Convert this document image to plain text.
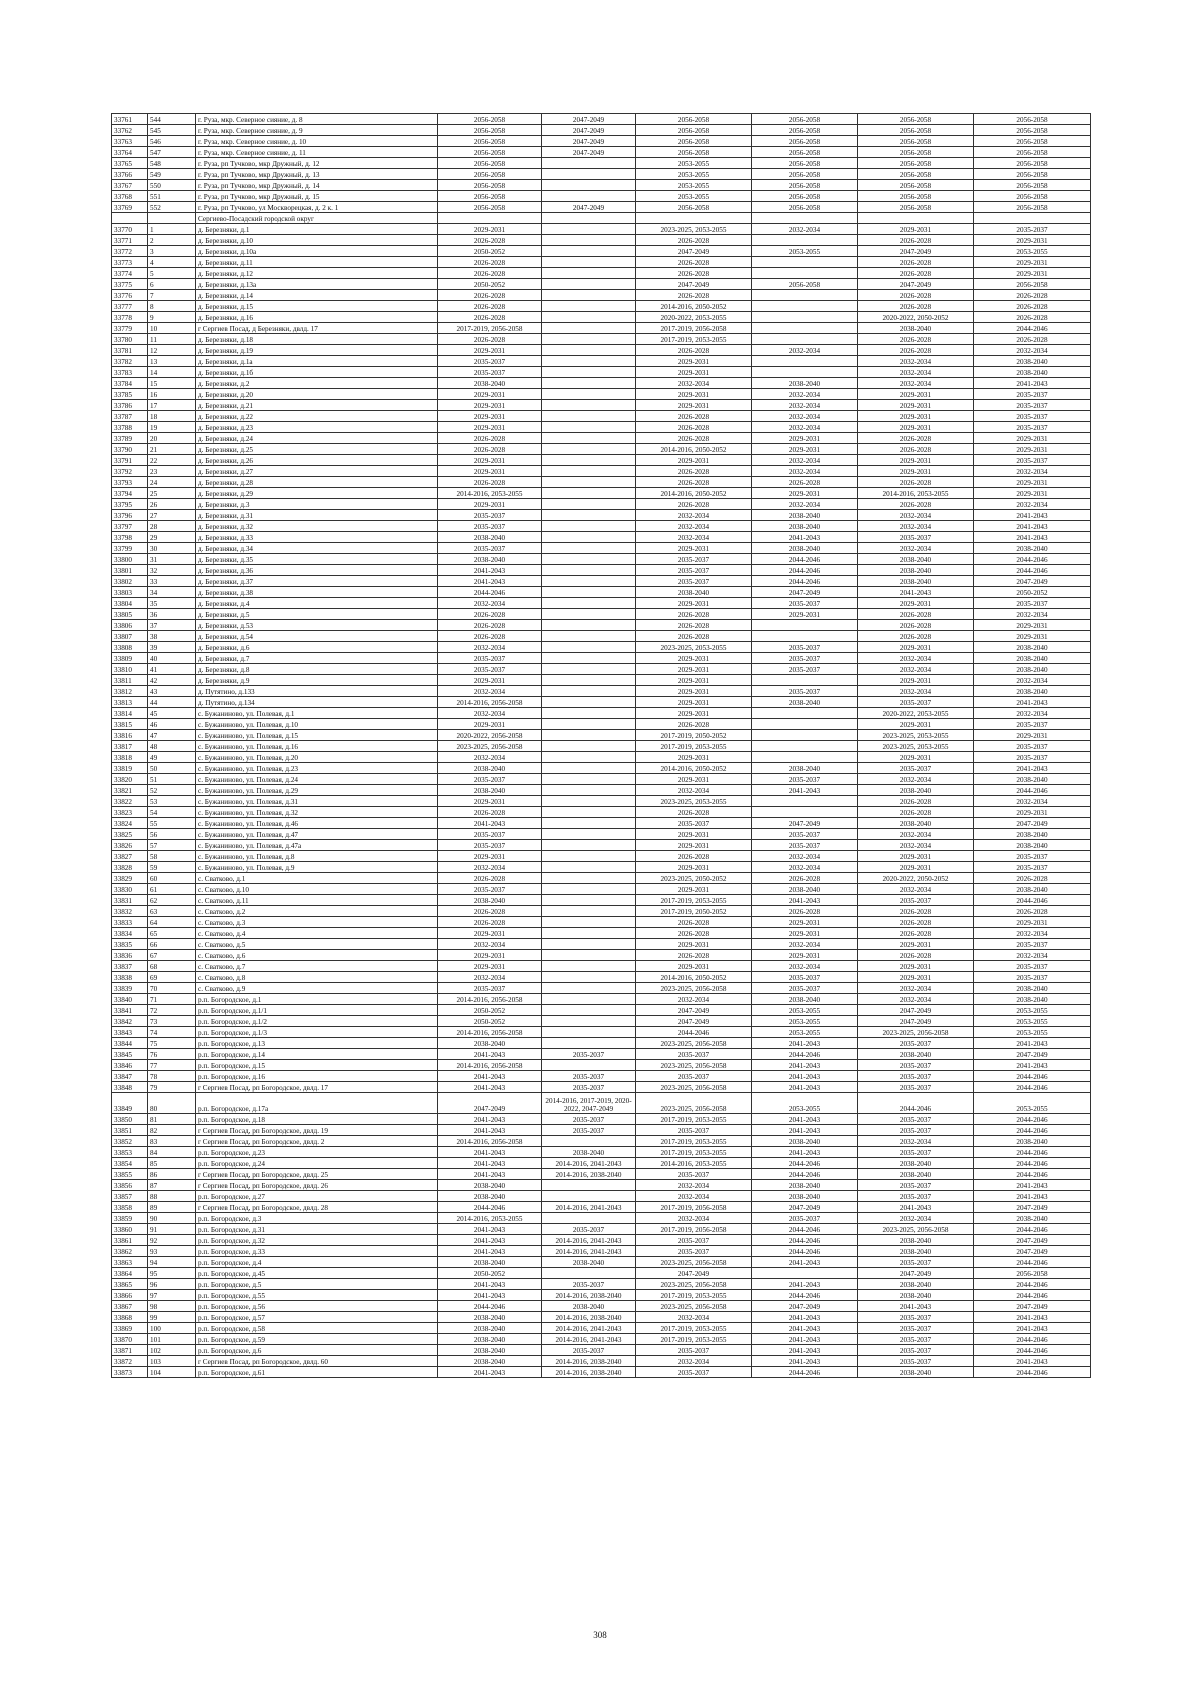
33761	544	г. Руза, мкр. Северное сияние, д. 8	2056-2058	2047-2049	2056-2058	2056-2058	2056-2058	2056-2058
33762	545	г. Руза, мкр. Северное сияние, д. 9	2056-2058	2047-2049	2056-2058	2056-2058	2056-2058	2056-2058
33763	546	г. Руза, мкр. Северное сияние, д. 10	2056-2058	2047-2049	2056-2058	2056-2058	2056-2058	2056-2058
33764	547	г. Руза, мкр. Северное сияние, д. 11	2056-2058	2047-2049	2056-2058	2056-2058	2056-2058	2056-2058
33765	548	г. Руза, рп Тучково, мкр Дружный, д. 12	2056-2058		2053-2055	2056-2058	2056-2058	2056-2058
33766	549	г. Руза, рп Тучково, мкр Дружный, д. 13	2056-2058		2053-2055	2056-2058	2056-2058	2056-2058
33767	550	г. Руза, рп Тучково, мкр Дружный, д. 14	2056-2058		2053-2055	2056-2058	2056-2058	2056-2058
33768	551	г. Руза, рп Тучково, мкр Дружный, д. 15	2056-2058		2053-2055	2056-2058	2056-2058	2056-2058
33769	552	г. Руза, рп Тучково, ул Москворецкая, д. 2 к. 1	2056-2058	2047-2049	2056-2058	2056-2058	2056-2058	2056-2058
		Сергиево-Посадский городской округ						
33770	1	д. Березняки, д.1	2029-2031		2023-2025, 2053-2055	2032-2034	2029-2031	2035-2037
33771	2	д. Березняки, д.10	2026-2028		2026-2028		2026-2028	2029-2031
33772	3	д. Березняки, д.10а	2050-2052		2047-2049	2053-2055	2047-2049	2053-2055
33773	4	д. Березняки, д.11	2026-2028		2026-2028		2026-2028	2029-2031
33774	5	д. Березняки, д.12	2026-2028		2026-2028		2026-2028	2029-2031
33775	6	д. Березняки, д.13а	2050-2052		2047-2049	2056-2058	2047-2049	2056-2058
33776	7	д. Березняки, д.14	2026-2028		2026-2028		2026-2028	2026-2028
33777	8	д. Березняки, д.15	2026-2028		2014-2016, 2050-2052		2026-2028	2026-2028
33778	9	д. Березняки, д.16	2026-2028		2020-2022, 2053-2055		2020-2022, 2050-2052	2026-2028
33779	10	г Сергиев Посад, д Березняки, двлд. 17	2017-2019, 2056-2058		2017-2019, 2056-2058		2038-2040	2044-2046
33780	11	д. Березняки, д.18	2026-2028		2017-2019, 2053-2055		2026-2028	2026-2028
33781	12	д. Березняки, д.19	2029-2031		2026-2028	2032-2034	2026-2028	2032-2034
33782	13	д. Березняки, д.1а	2035-2037		2029-2031		2032-2034	2038-2040
33783	14	д. Березняки, д.1б	2035-2037		2029-2031		2032-2034	2038-2040
33784	15	д. Березняки, д.2	2038-2040		2032-2034	2038-2040	2032-2034	2041-2043
33785	16	д. Березняки, д.20	2029-2031		2029-2031	2032-2034	2029-2031	2035-2037
33786	17	д. Березняки, д.21	2029-2031		2029-2031	2032-2034	2029-2031	2035-2037
33787	18	д. Березняки, д.22	2029-2031		2026-2028	2032-2034	2029-2031	2035-2037
33788	19	д. Березняки, д.23	2029-2031		2026-2028	2032-2034	2029-2031	2035-2037
33789	20	д. Березняки, д.24	2026-2028		2026-2028	2029-2031	2026-2028	2029-2031
33790	21	д. Березняки, д.25	2026-2028		2014-2016, 2050-2052	2029-2031	2026-2028	2029-2031
33791	22	д. Березняки, д.26	2029-2031		2029-2031	2032-2034	2029-2031	2035-2037
33792	23	д. Березняки, д.27	2029-2031		2026-2028	2032-2034	2029-2031	2032-2034
33793	24	д. Березняки, д.28	2026-2028		2026-2028	2026-2028	2026-2028	2029-2031
33794	25	д. Березняки, д.29	2014-2016, 2053-2055		2014-2016, 2050-2052	2029-2031	2014-2016, 2053-2055	2029-2031
33795	26	д. Березняки, д.3	2029-2031		2026-2028	2032-2034	2026-2028	2032-2034
33796	27	д. Березняки, д.31	2035-2037		2032-2034	2038-2040	2032-2034	2041-2043
33797	28	д. Березняки, д.32	2035-2037		2032-2034	2038-2040	2032-2034	2041-2043
33798	29	д. Березняки, д.33	2038-2040		2032-2034	2041-2043	2035-2037	2041-2043
33799	30	д. Березняки, д.34	2035-2037		2029-2031	2038-2040	2032-2034	2038-2040
33800	31	д. Березняки, д.35	2038-2040		2035-2037	2044-2046	2038-2040	2044-2046
33801	32	д. Березняки, д.36	2041-2043		2035-2037	2044-2046	2038-2040	2044-2046
33802	33	д. Березняки, д.37	2041-2043		2035-2037	2044-2046	2038-2040	2047-2049
33803	34	д. Березняки, д.38	2044-2046		2038-2040	2047-2049	2041-2043	2050-2052
33804	35	д. Березняки, д.4	2032-2034		2029-2031	2035-2037	2029-2031	2035-2037
33805	36	д. Березняки, д.5	2026-2028		2026-2028	2029-2031	2026-2028	2032-2034
33806	37	д. Березняки, д.53	2026-2028		2026-2028		2026-2028	2029-2031
33807	38	д. Березняки, д.54	2026-2028		2026-2028		2026-2028	2029-2031
33808	39	д. Березняки, д.6	2032-2034		2023-2025, 2053-2055	2035-2037	2029-2031	2038-2040
33809	40	д. Березняки, д.7	2035-2037		2029-2031	2035-2037	2032-2034	2038-2040
33810	41	д. Березняки, д.8	2035-2037		2029-2031	2035-2037	2032-2034	2038-2040
33811	42	д. Березняки, д.9	2029-2031		2029-2031		2029-2031	2032-2034
33812	43	д. Путятино, д.133	2032-2034		2029-2031	2035-2037	2032-2034	2038-2040
33813	44	д. Путятино, д.134	2014-2016, 2056-2058		2029-2031	2038-2040	2035-2037	2041-2043
33814	45	с. Бужаниново, ул. Полевая, д.1	2032-2034		2029-2031		2020-2022, 2053-2055	2032-2034
33815	46	с. Бужаниново, ул. Полевая, д.10	2029-2031		2026-2028		2029-2031	2035-2037
33816	47	с. Бужаниново, ул. Полевая, д.15	2020-2022, 2056-2058		2017-2019, 2050-2052		2023-2025, 2053-2055	2029-2031
33817	48	с. Бужаниново, ул. Полевая, д.16	2023-2025, 2056-2058		2017-2019, 2053-2055		2023-2025, 2053-2055	2035-2037
33818	49	с. Бужаниново, ул. Полевая, д.20	2032-2034		2029-2031		2029-2031	2035-2037
33819	50	с. Бужаниново, ул. Полевая, д.23	2038-2040		2014-2016, 2050-2052	2038-2040	2035-2037	2041-2043
33820	51	с. Бужаниново, ул. Полевая, д.24	2035-2037		2029-2031	2035-2037	2032-2034	2038-2040
33821	52	с. Бужаниново, ул. Полевая, д.29	2038-2040		2032-2034	2041-2043	2038-2040	2044-2046
33822	53	с. Бужаниново, ул. Полевая, д.31	2029-2031		2023-2025, 2053-2055		2026-2028	2032-2034
33823	54	с. Бужаниново, ул. Полевая, д.32	2026-2028		2026-2028		2026-2028	2029-2031
33824	55	с. Бужаниново, ул. Полевая, д.46	2041-2043		2035-2037	2047-2049	2038-2040	2047-2049
33825	56	с. Бужаниново, ул. Полевая, д.47	2035-2037		2029-2031	2035-2037	2032-2034	2038-2040
33826	57	с. Бужаниново, ул. Полевая, д.47а	2035-2037		2029-2031	2035-2037	2032-2034	2038-2040
33827	58	с. Бужаниново, ул. Полевая, д.8	2029-2031		2026-2028	2032-2034	2029-2031	2035-2037
33828	59	с. Бужаниново, ул. Полевая, д.9	2032-2034		2029-2031	2032-2034	2029-2031	2035-2037
33829	60	с. Сватково, д.1	2026-2028		2023-2025, 2050-2052	2026-2028	2020-2022, 2050-2052	2026-2028
33830	61	с. Сватково, д.10	2035-2037		2029-2031	2038-2040	2032-2034	2038-2040
33831	62	с. Сватково, д.11	2038-2040		2017-2019, 2053-2055	2041-2043	2035-2037	2044-2046
33832	63	с. Сватково, д.2	2026-2028		2017-2019, 2050-2052	2026-2028	2026-2028	2026-2028
33833	64	с. Сватково, д.3	2026-2028		2026-2028	2029-2031	2026-2028	2029-2031
33834	65	с. Сватково, д.4	2029-2031		2026-2028	2029-2031	2026-2028	2032-2034
33835	66	с. Сватково, д.5	2032-2034		2029-2031	2032-2034	2029-2031	2035-2037
33836	67	с. Сватково, д.6	2029-2031		2026-2028	2029-2031	2026-2028	2032-2034
33837	68	с. Сватково, д.7	2029-2031		2029-2031	2032-2034	2029-2031	2035-2037
33838	69	с. Сватково, д.8	2032-2034		2014-2016, 2050-2052	2035-2037	2029-2031	2035-2037
33839	70	с. Сватково, д.9	2035-2037		2023-2025, 2056-2058	2035-2037	2032-2034	2038-2040
33840	71	р.п. Богородское, д.1	2014-2016, 2056-2058		2032-2034	2038-2040	2032-2034	2038-2040
33841	72	р.п. Богородское, д.1/1	2050-2052		2047-2049	2053-2055	2047-2049	2053-2055
33842	73	р.п. Богородское, д.1/2	2050-2052		2047-2049	2053-2055	2047-2049	2053-2055
33843	74	р.п. Богородское, д.1/3	2014-2016, 2056-2058		2044-2046	2053-2055	2023-2025, 2056-2058	2053-2055
33844	75	р.п. Богородское, д.13	2038-2040		2023-2025, 2056-2058	2041-2043	2035-2037	2041-2043
33845	76	р.п. Богородское, д.14	2041-2043	2035-2037	2035-2037	2044-2046	2038-2040	2047-2049
33846	77	р.п. Богородское, д.15	2014-2016, 2056-2058		2023-2025, 2056-2058	2041-2043	2035-2037	2041-2043
33847	78	р.п. Богородское, д.16	2041-2043	2035-2037	2035-2037	2041-2043	2035-2037	2044-2046
33848	79	г Сергиев Посад, рп Богородское, двлд. 17	2041-2043	2035-2037	2023-2025, 2056-2058	2041-2043	2035-2037	2044-2046
33849	80	р.п. Богородское, д.17а	2047-2049	2014-2016, 2017-2019, 2020-2022, 2047-2049	2023-2025, 2056-2058	2053-2055	2044-2046	2053-2055
33850	81	р.п. Богородское, д.18	2041-2043	2035-2037	2017-2019, 2053-2055	2041-2043	2035-2037	2044-2046
33851	82	г Сергиев Посад, рп Богородское, двлд. 19	2041-2043	2035-2037	2035-2037	2041-2043	2035-2037	2044-2046
33852	83	г Сергиев Посад, рп Богородское, двлд. 2	2014-2016, 2056-2058		2017-2019, 2053-2055	2038-2040	2032-2034	2038-2040
33853	84	р.п. Богородское, д.23	2041-2043	2038-2040	2017-2019, 2053-2055	2041-2043	2035-2037	2044-2046
33854	85	р.п. Богородское, д.24	2041-2043	2014-2016, 2041-2043	2014-2016, 2053-2055	2044-2046	2038-2040	2044-2046
33855	86	г Сергиев Посад, рп Богородское, двлд. 25	2041-2043	2014-2016, 2038-2040	2035-2037	2044-2046	2038-2040	2044-2046
33856	87	г Сергиев Посад, рп Богородское, двлд. 26	2038-2040		2032-2034	2038-2040	2035-2037	2041-2043
33857	88	р.п. Богородское, д.27	2038-2040		2032-2034	2038-2040	2035-2037	2041-2043
33858	89	г Сергиев Посад, рп Богородское, двлд. 28	2044-2046	2014-2016, 2041-2043	2017-2019, 2056-2058	2047-2049	2041-2043	2047-2049
33859	90	р.п. Богородское, д.3	2014-2016, 2053-2055		2032-2034	2035-2037	2032-2034	2038-2040
33860	91	р.п. Богородское, д.31	2041-2043	2035-2037	2017-2019, 2056-2058	2044-2046	2023-2025, 2056-2058	2044-2046
33861	92	р.п. Богородское, д.32	2041-2043	2014-2016, 2041-2043	2035-2037	2044-2046	2038-2040	2047-2049
33862	93	р.п. Богородское, д.33	2041-2043	2014-2016, 2041-2043	2035-2037	2044-2046	2038-2040	2047-2049
33863	94	р.п. Богородское, д.4	2038-2040	2038-2040	2023-2025, 2056-2058	2041-2043	2035-2037	2044-2046
33864	95	р.п. Богородское, д.45	2050-2052		2047-2049		2047-2049	2056-2058
33865	96	р.п. Богородское, д.5	2041-2043	2035-2037	2023-2025, 2056-2058	2041-2043	2038-2040	2044-2046
33866	97	р.п. Богородское, д.55	2041-2043	2014-2016, 2038-2040	2017-2019, 2053-2055	2044-2046	2038-2040	2044-2046
33867	98	р.п. Богородское, д.56	2044-2046	2038-2040	2023-2025, 2056-2058	2047-2049	2041-2043	2047-2049
33868	99	р.п. Богородское, д.57	2038-2040	2014-2016, 2038-2040	2032-2034	2041-2043	2035-2037	2041-2043
33869	100	р.п. Богородское, д.58	2038-2040	2014-2016, 2041-2043	2017-2019, 2053-2055	2041-2043	2035-2037	2041-2043
33870	101	р.п. Богородское, д.59	2038-2040	2014-2016, 2041-2043	2017-2019, 2053-2055	2041-2043	2035-2037	2044-2046
33871	102	р.п. Богородское, д.6	2038-2040	2035-2037	2035-2037	2041-2043	2035-2037	2044-2046
33872	103	г Сергиев Посад, рп Богородское, двлд. 60	2038-2040	2014-2016, 2038-2040	2032-2034	2041-2043	2035-2037	2041-2043
33873	104	р.п. Богородское, д.61	2041-2043	2014-2016, 2038-2040	2035-2037	2044-2046	2038-2040	2044-2046
308
